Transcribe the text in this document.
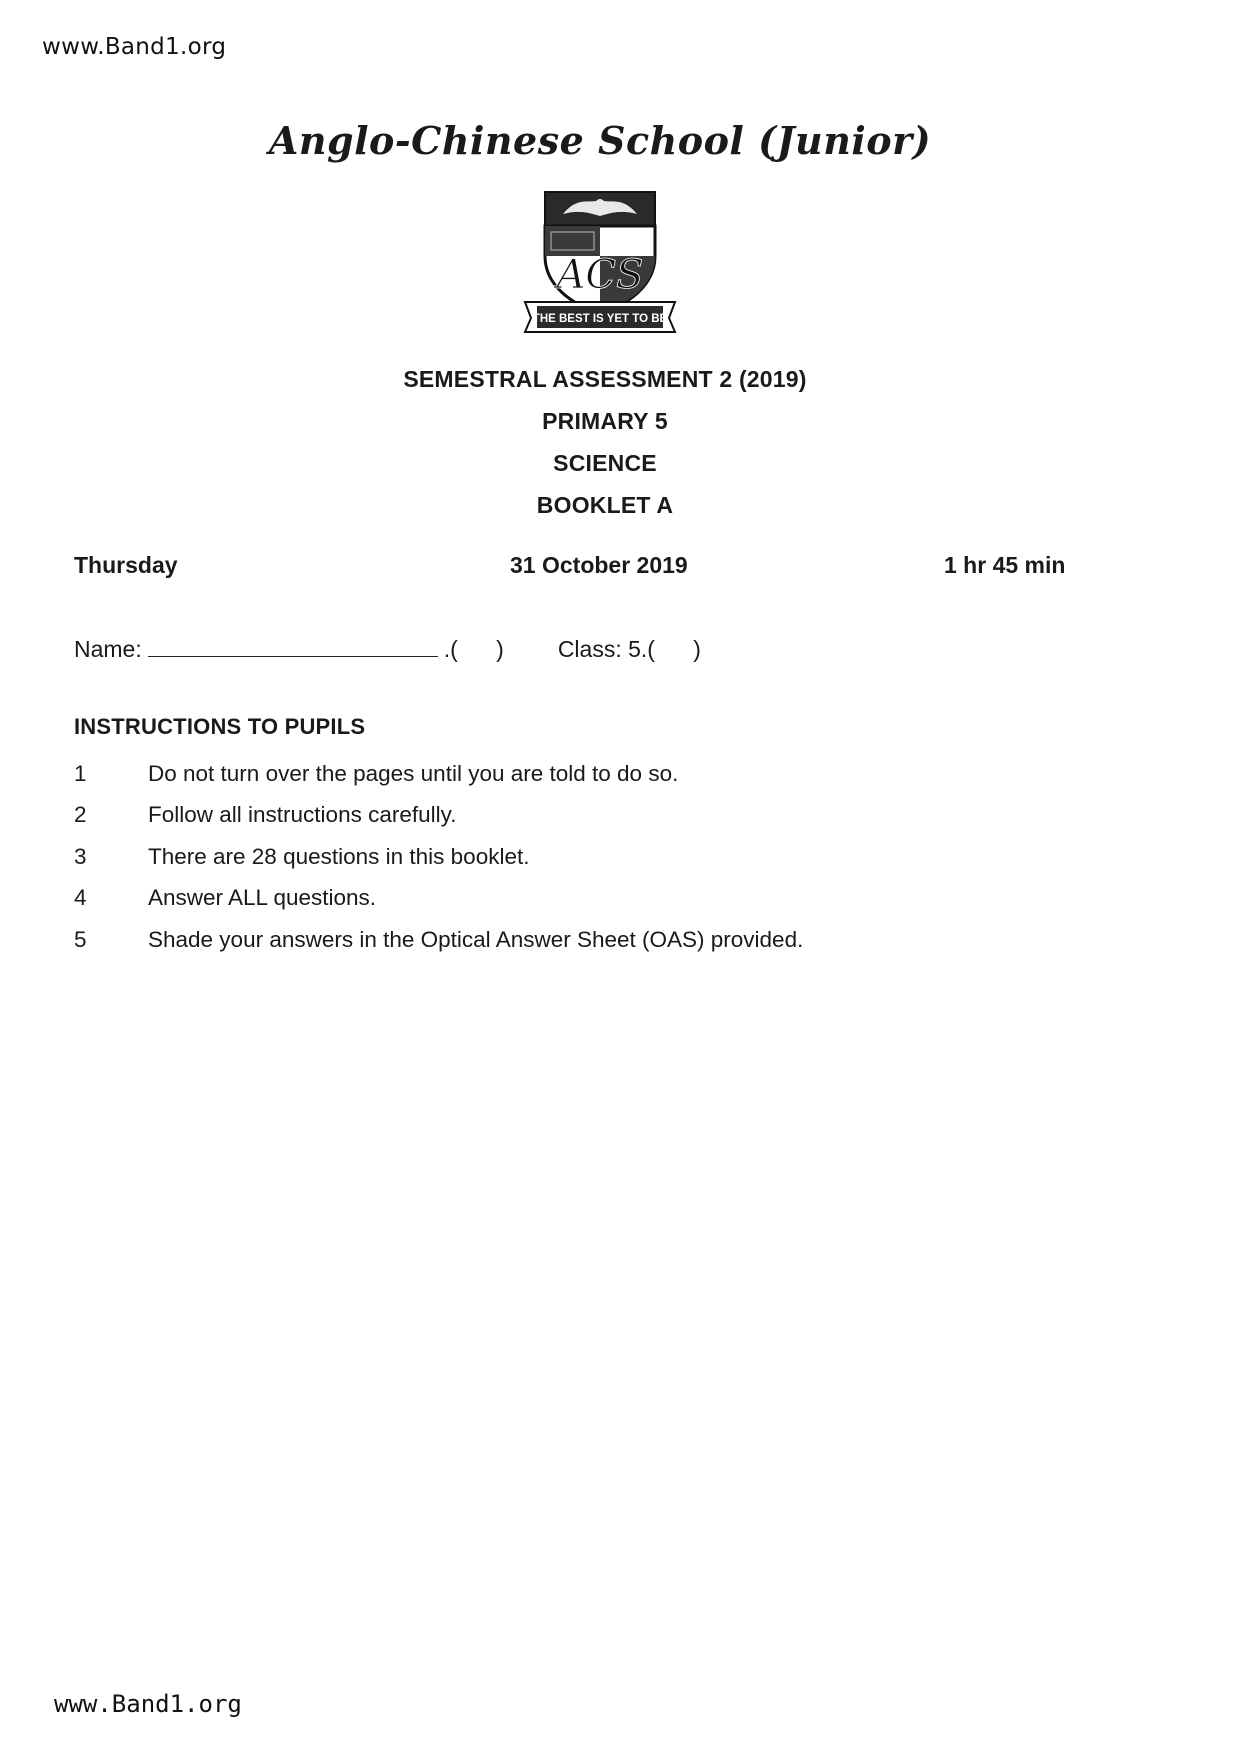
www.Band1.org
Anglo-Chinese School (Junior)
ACS
THE BEST IS YET TO BE
SEMESTRAL ASSESSMENT 2 (2019)
PRIMARY 5
SCIENCE
BOOKLET A
Thursday	31 October 2019	1 hr 45 min
Name:	.(      ) Class: 5.(      )
INSTRUCTIONS TO PUPILS
1	Do not turn over the pages until you are told to do so.
2	Follow all instructions carefully.
3	There are 28 questions in this booklet.
4	Answer ALL questions.
5	Shade your answers in the Optical Answer Sheet (OAS) provided.
www.Band1.org
